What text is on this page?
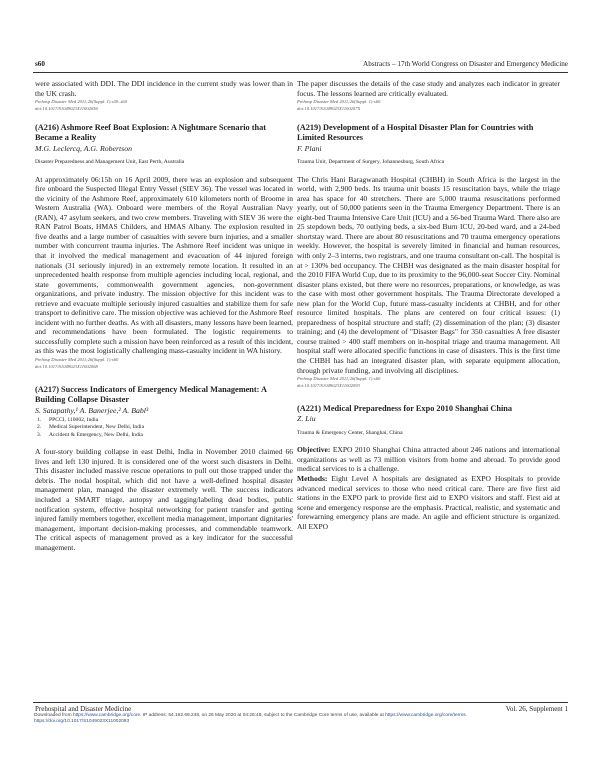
s60	Abstracts – 17th World Congress on Disaster and Emergency Medicine

were associated with DDI. The DDI incidence in the current study was lower than in the UK crash.

Prehosp Disaster Med 2011;26(Suppl. 1):s59–s60
doi:10.1017/S1049023X11002056
(A216) Ashmore Reef Boat Explosion: A Nightmare Scenario that Became a Reality
M.G. Leclercq, A.G. Robertson
Disaster Preparedness and Management Unit, East Perth, Australia

At approximately 06:15h on 16 April 2009, there was an explosion and subsequent fire onboard the Suspected Illegal Entry Vessel (SIEV 36). The vessel was located in the vicinity of the Ashmore Reef, approximately 610 kilometers north of Broome in Western Australia (WA). Onboard were members of the Royal Australian Navy (RAN), 47 asylum seekers, and two crew members. Traveling with SIEV 36 were the RAN Patrol Boats, HMAS Childers, and HMAS Albany. The explosion resulted in five deaths and a large number of casualties with severe burn injuries, and a smaller number with concurrent trauma injuries. The Ashmore Reef incident was unique in that it involved the medical management and evacuation of 44 injured foreign nationals (31 seriously injured) in an extremely remote location. It resulted in an unprecedented health response from multiple agencies including local, regional, and state governments, commonwealth government agencies, non-government organizations, and private industry. The mission objective for this incident was to retrieve and evacuate multiple seriously injured casualties and stabilize them for safe transport to definitive care. The mission objective was achieved for the Ashmore Reef incident with no further deaths. As with all disasters, many lessons have been learned, and recommendations have been formulated. The logistic requirements to successfully complete such a mission have been reinforced as a result of this incident, as this was the most logistically challenging mass-casualty incident in WA history.

Prehosp Disaster Med 2011;26(Suppl. 1):s60
doi:10.1017/S1049023X11002068
(A217) Success Indicators of Emergency Medical Management: A Building Collapse Disaster
S. Satapathy,¹ A. Banerjee,² A. Babl³
1.	PPCCI, 110002, India
2.	Medical Superintendent, New Delhi, India
3.	Accident & Emergency, New Delhi, India

A four-story building collapse in east Delhi, India in November 2010 claimed 66 lives and left 130 injured. It is considered one of the worst such disasters in Delhi. This disaster included massive rescue operations to pull out those trapped under the debris. The nodal hospital, which did not have a well-defined hospital disaster management plan, managed the disaster extremely well. The success indicators included a SMART triage, autopsy and tagging/labeling dead bodies, public notification system, effective hospital networking for patient transfer and getting injured family members together, excellent media management, important dignitaries' management, important decision-making processes, and commendable teamwork. The critical aspects of management proved as a key indicator for the successful management.

The paper discusses the details of the case study and analyzes each indicator in greater focus. The lessons learned are critically evaluated.

Prehosp Disaster Med 2011;26(Suppl. 1):s60
doi:10.1017/S1049023X1100207X
(A219) Development of a Hospital Disaster Plan for Countries with Limited Resources
F. Plani
Trauma Unit, Department of Surgery, Johannesburg, South Africa

The Chris Hani Baragwanath Hospital (CHBH) in South Africa is the largest in the world, with 2,900 beds. Its trauma unit boasts 15 resuscitation bays, while the triage area has space for 40 stretchers. There are 5,000 trauma resuscitations performed yearly, out of 50,000 patients seen in the Trauma Emergency Department. There is an eight-bed Trauma Intensive Care Unit (ICU) and a 56-bed Trauma Ward. There also are 25 stepdown beds, 70 outlying beds, a six-bed Burn ICU, 20-bed ward, and a 24-bed shortstay ward. There are about 80 resuscitations and 70 trauma emergency operations weekly. However, the hospital is severely limited in financial and human resources, with only 2–3 interns, two registrars, and one trauma consultant on-call. The hospital is at > 130% bed occupancy. The CHBH was designated as the main disaster hospital for the 2010 FIFA World Cup, due to its proximity to the 96,000-seat Soccer City. Nominal disaster plans existed, but there were no resources, preparations, or knowledge, as was the case with most other government hospitals. The Trauma Directorate developed a new plan for the World Cup, future mass-casualty incidents at CHBH, and for other resource limited hospitals. The plans are centered on four critical issues: (1) preparedness of hospital structure and staff; (2) dissemination of the plan; (3) disaster training; and (4) the development of "Disaster Bags" for 350 casualties A free disaster course trained > 400 staff members on in-hospital triage and trauma management. All hospital staff were allocated specific functions in case of disasters. This is the first time the CHBH has had an integrated disaster plan, with separate equipment allocation, through private funding, and involving all disciplines.

Prehosp Disaster Med 2011;26(Suppl. 1):s60
doi:10.1017/S1049023X11002093
(A221) Medical Preparedness for Expo 2010 Shanghai China
Z. Liu
Trauma & Emergency Center, Shanghai, China

Objective: EXPO 2010 Shanghai China attracted about 246 nations and international organizations as well as 73 million visitors from home and abroad. To provide good medical services to is a challenge.

Methods: Eight Level A hospitals are designated as EXPO Hospitals to provide advanced medical services to those who need critical care. There are five first aid stations in the EXPO park to provide first aid to EXPO visitors and staff. First aid at scene and emergency response are the emphasis. Practical, realistic, and systematic and forewarning emergency plans are made. An agile and efficient structure is organized. All EXPO

Prehospital and Disaster Medicine	Vol. 26, Supplement 1
Downloaded from https://www.cambridge.org/core. IP address: 54.162.69.248, on 26 May 2020 at 04:26:48, subject to the Cambridge Core terms of use, available at https://www.cambridge.org/core/terms.
https://doi.org/10.1017/S1049023X11002093
